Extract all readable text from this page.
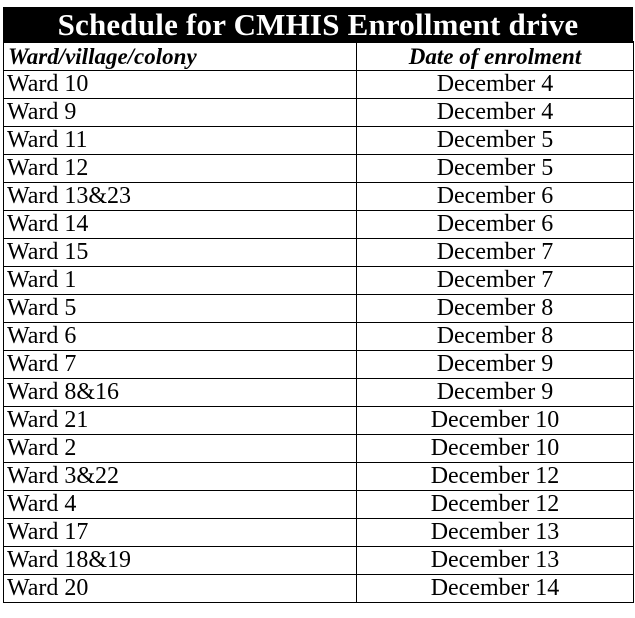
Schedule for CMHIS Enrollment drive
Ward/village/colony	Date of enrolment
Ward 10	December 4
Ward 9	December 4
Ward 11	December 5
Ward 12	December 5
Ward 13&23	December 6
Ward 14	December 6
Ward 15	December 7
Ward 1	December 7
Ward 5	December 8
Ward 6	December 8
Ward 7	December 9
Ward 8&16	December 9
Ward 21	December 10
Ward 2	December 10
Ward 3&22	December 12
Ward 4	December 12
Ward 17	December 13
Ward 18&19	December 13
Ward 20	December 14
